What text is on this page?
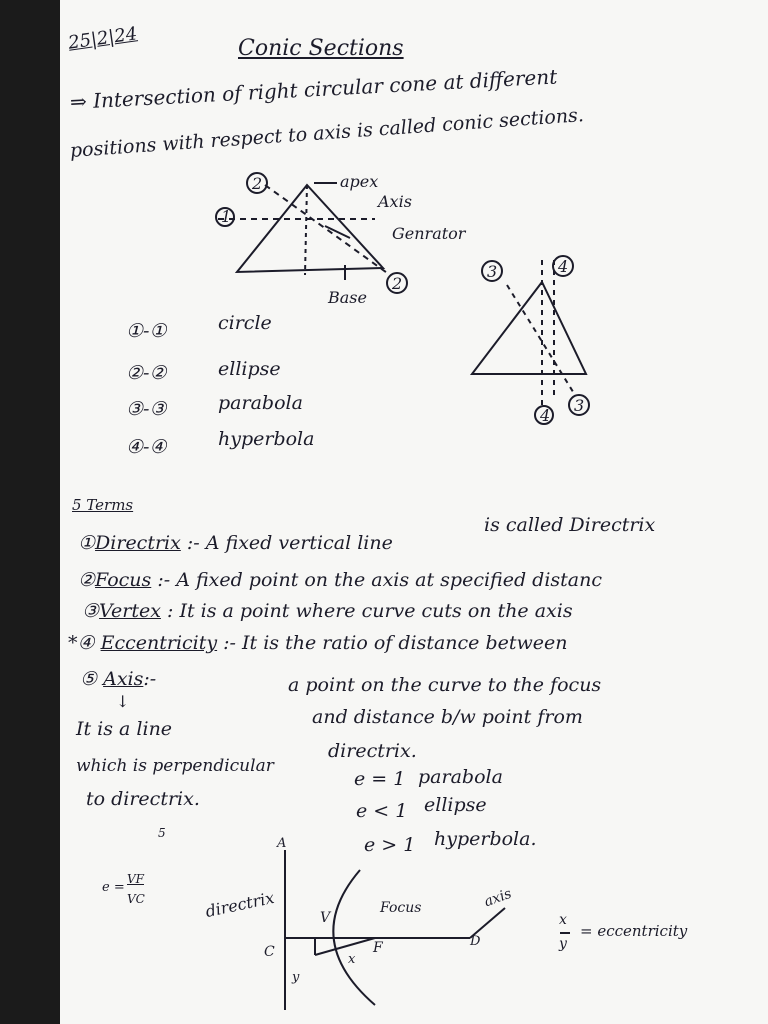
25|2|24	Conic Sections
⇒ Intersection of right circular cone at different
positions with respect to axis is called conic sections.
2
1
2
apex
Axis
Genrator
Base
3	4
4
3
①-①	circle
②-②	ellipse
③-③	parabola
④-④	hyperbola
5 Terms
①Directrix :- A fixed vertical line
is called Directrix
②Focus :- A fixed point on the axis at specified distanc
③Vertex : It is a point where curve cuts on the axis
*④ Eccentricity :- It is the ratio of distance between
⑤ Axis:-
↓
a point on the curve to the focus
and distance b/w point from
directrix.
It is a line
which is perpendicular
to directrix.
e = 1 parabola
e < 1 ellipse
e > 1 hyperbola.
5
e =
VF
VC
A
directrix	Focus	axis
V
C	F	D
x
y
x
y
= eccentricity
